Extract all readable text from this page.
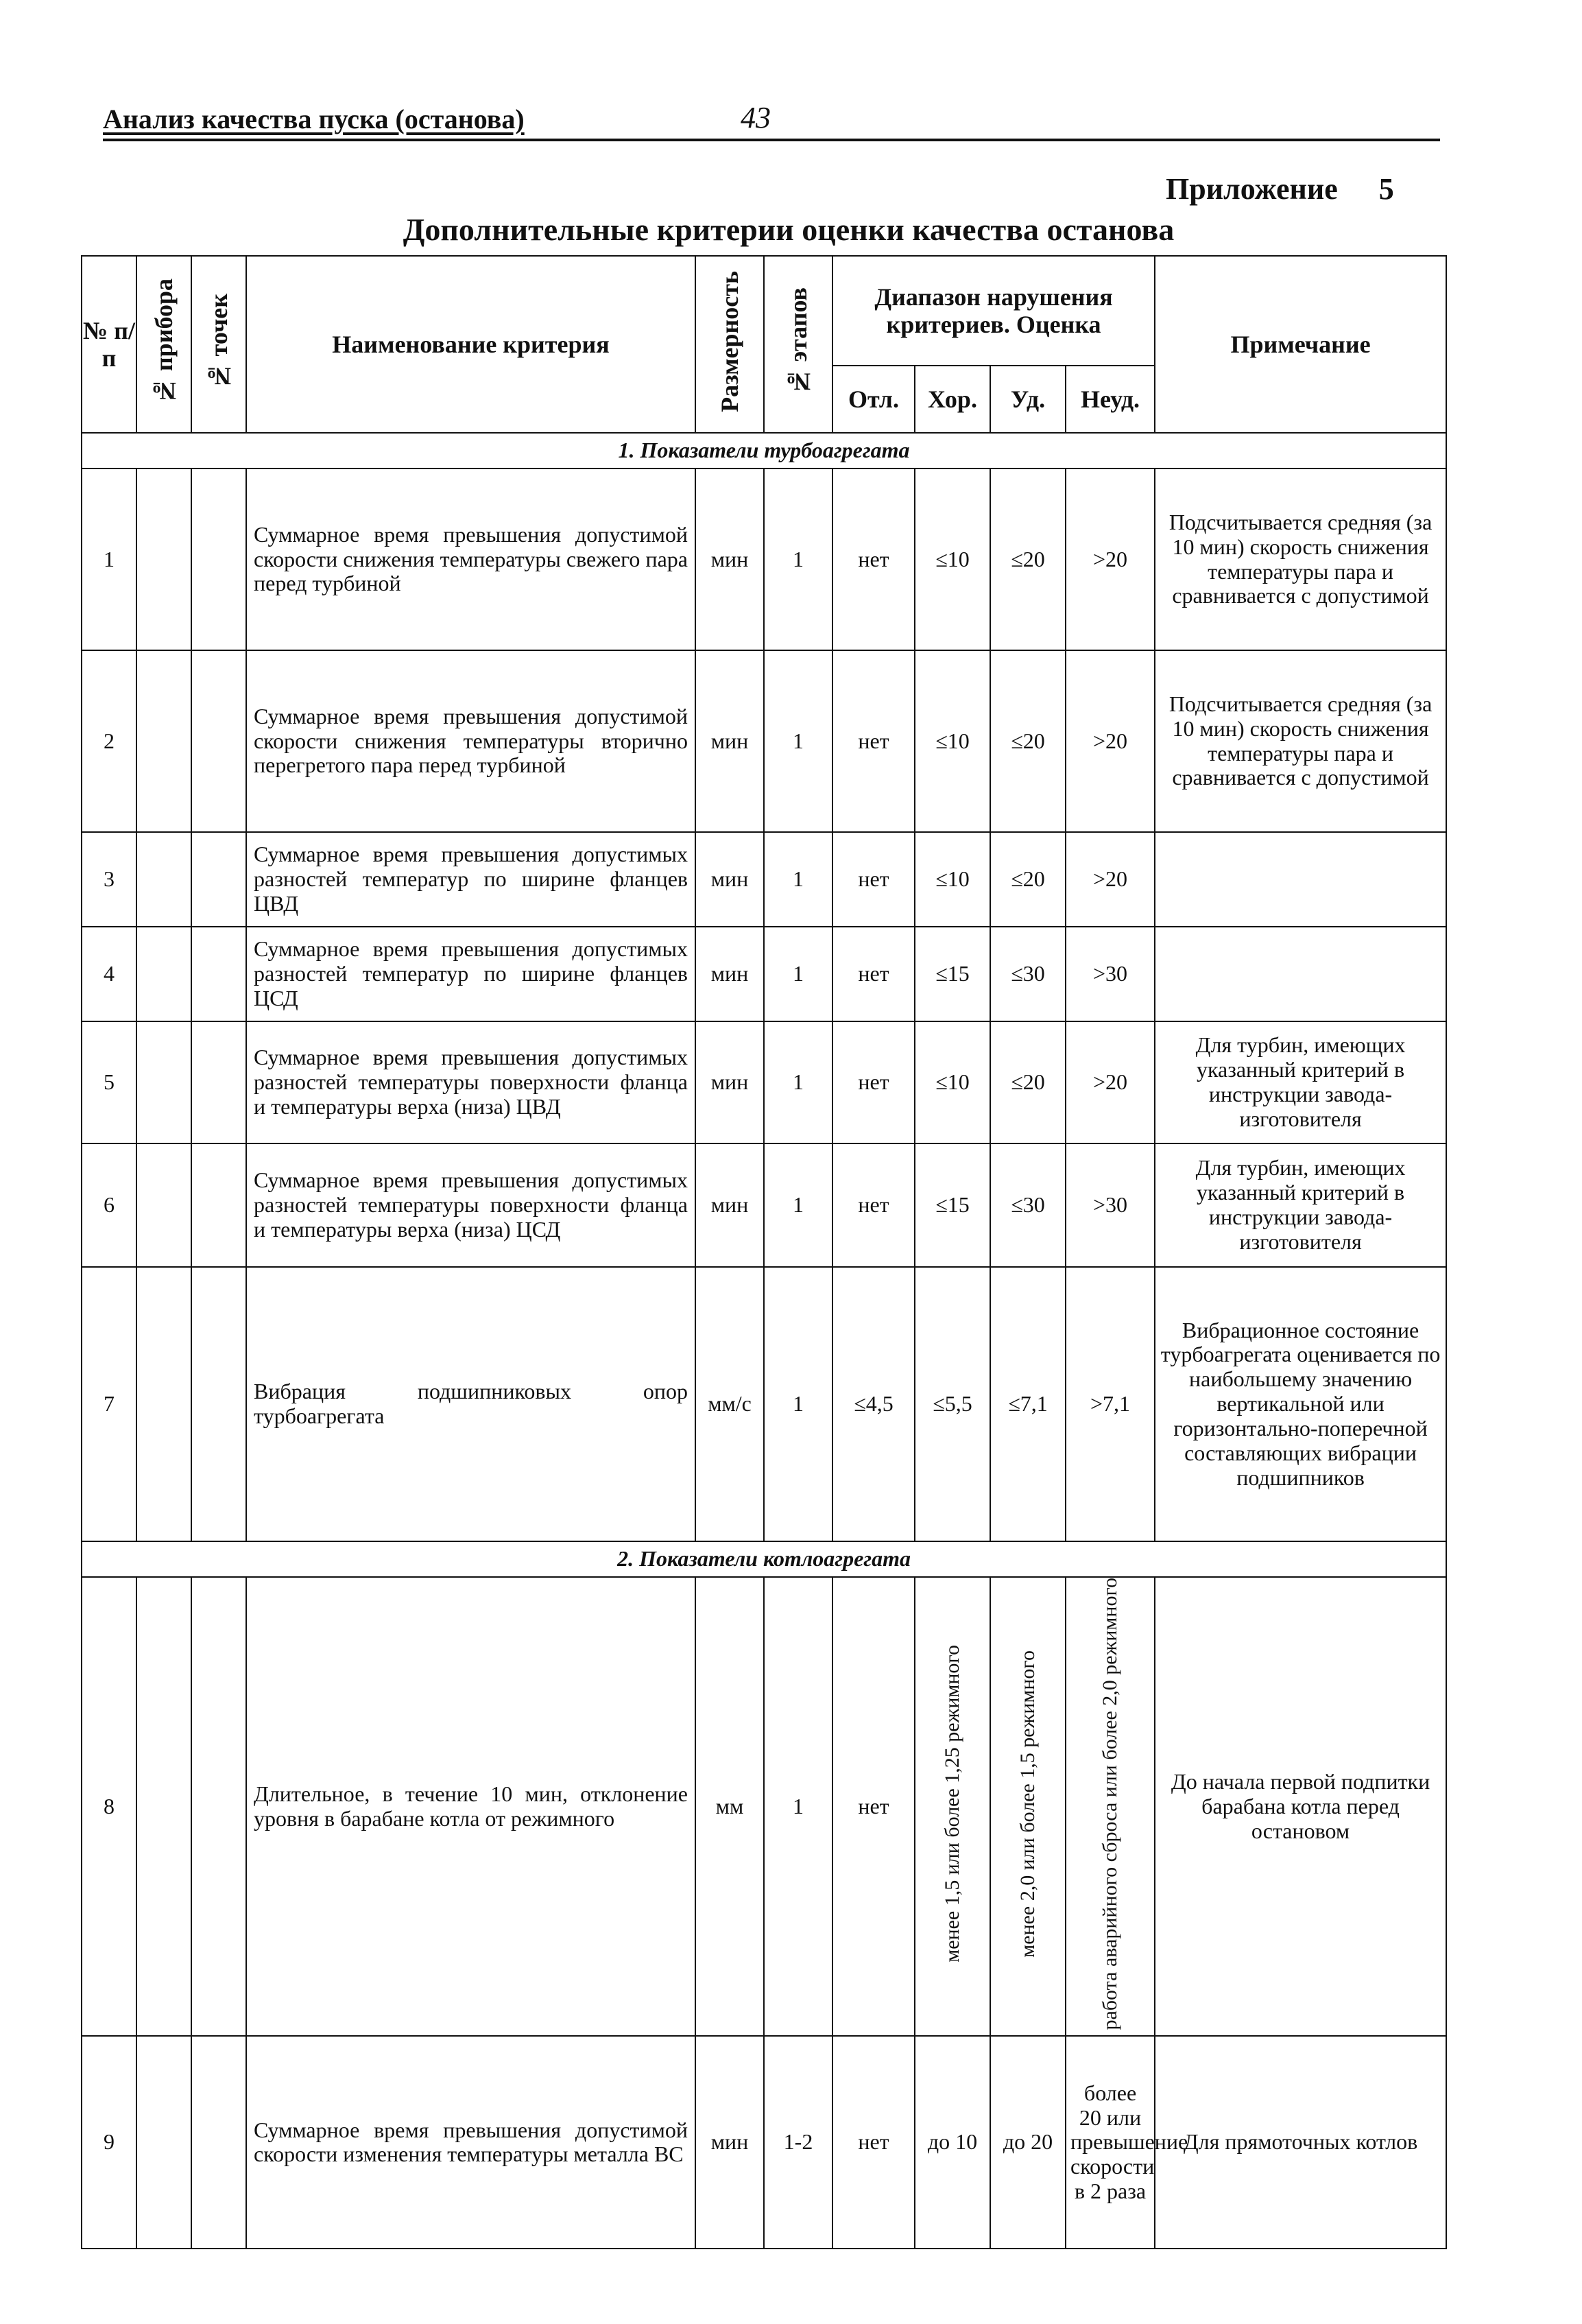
Анализ качества пуска (останова)	43
Приложение 5
Дополнительные критерии оценки качества останова
№ п/п	№ прибора	№ точек	Наименование критерия	Размерность	№ этапов	Диапазон нарушения критериев. Оценка				Примечание
						Отл.	Хор.	Уд.	Неуд.	
1. Показатели турбоагрегата										
1			Суммарное время превышения допустимой скорости снижения температуры свежего пара перед турбиной	мин	1	нет	≤10	≤20	>20	Подсчитывается средняя (за 10 мин) скорость снижения температуры пара и сравнивается с допустимой
2			Суммарное время превышения допустимой скорости снижения температуры вторично перегретого пара перед турбиной	мин	1	нет	≤10	≤20	>20	Подсчитывается средняя (за 10 мин) скорость снижения температуры пара и сравнивается с допустимой
3			Суммарное время превышения допустимых разностей температур по ширине фланцев ЦВД	мин	1	нет	≤10	≤20	>20	
4			Суммарное время превышения допустимых разностей температур по ширине фланцев ЦСД	мин	1	нет	≤15	≤30	>30	
5			Суммарное время превышения допустимых разностей температуры поверхности фланца и температуры верха (низа) ЦВД	мин	1	нет	≤10	≤20	>20	Для турбин, имеющих указанный критерий в инструкции завода-изготовителя
6			Суммарное время превышения допустимых разностей температуры поверхности фланца и температуры верха (низа) ЦСД	мин	1	нет	≤15	≤30	>30	Для турбин, имеющих указанный критерий в инструкции завода-изготовителя
7			Вибрация подшипниковых опор турбоагрегата	мм/с	1	≤4,5	≤5,5	≤7,1	>7,1	Вибрационное состояние турбоагрегата оценивается по наибольшему значению вертикальной или горизонтально-поперечной составляющих вибрации подшипников
2. Показатели котлоагрегата										
8			Длительное, в течение 10 мин, отклонение уровня в барабане котла от режимного	мм	1	нет	менее 1,5 или более 1,25 режимного	менее 2,0 или более 1,5 режимного	работа аварийного сброса или более 2,0 режимного	До начала первой подпитки барабана котла перед остановом
9			Суммарное время превышения допустимой скорости изменения температуры металла ВС	мин	1-2	нет	до 10	до 20	более 20 или превышение скорости в 2 раза	Для прямоточных котлов
